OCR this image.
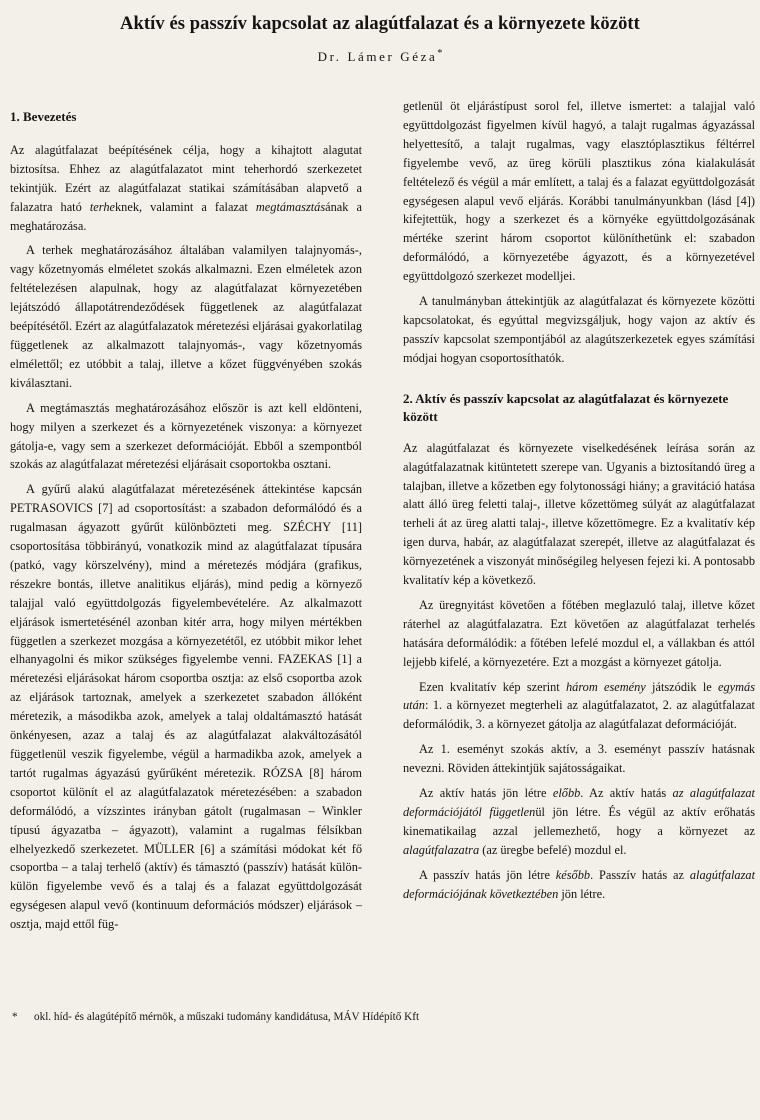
Aktív és passzív kapcsolat az alagútfalazat és a környezete között
Dr. Lámer Géza*
1. Bevezetés

Az alagútfalazat beépítésének célja, hogy a kihajtott alagutat biztosítsa. Ehhez az alagútfalazatot mint teherhordó szerkezetet tekintjük. Ezért az alagútfalazat statikai számításában alapvető a falazatra ható terheknek, valamint a falazat megtámasztásának a meghatározása.

A terhek meghatározásához általában valamilyen talajnyomás-, vagy kőzetnyomás elméletet szokás alkalmazni. Ezen elméletek azon feltételezésen alapulnak, hogy az alagútfalazat környezetében lejátszódó állapotátrendeződések függetlenek az alagútfalazat beépítésétől. Ezért az alagútfalazatok méretezési eljárásai gyakorlatilag függetlenek az alkalmazott talajnyomás-, vagy kőzetnyomás elmélettől; ez utóbbit a talaj, illetve a kőzet függvényében szokás kiválasztani.

A megtámasztás meghatározásához először is azt kell eldönteni, hogy milyen a szerkezet és a környezetének viszonya: a környezet gátolja-e, vagy sem a szerkezet deformációját. Ebből a szempontból szokás az alagútfalazat méretezési eljárásait csoportokba osztani.

A gyűrű alakú alagútfalazat méretezésének áttekintése kapcsán PETRASOVICS [7] ad csoportosítást: a szabadon deformálódó és a rugalmasan ágyazott gyűrűt különbözteti meg. SZÉCHY [11] csoportosítása többirányú, vonatkozik mind az alagútfalazat típusára (patkó, vagy körszelvény), mind a méretezés módjára (grafikus, részekre bontás, illetve analitikus eljárás), mind pedig a környező talajjal való együttdolgozás figyelembevételére. Az alkalmazott eljárások ismertetésénél azonban kitér arra, hogy milyen mértékben független a szerkezet mozgása a környezetétől, ez utóbbit mikor lehet elhanyagolni és mikor szükséges figyelembe venni. FAZEKAS [1] a méretezési eljárásokat három csoportba osztja: az első csoportba azok az eljárások tartoznak, amelyek a szerkezetet szabadon állóként méretezik, a másodikba azok, amelyek a talaj oldaltámasztó hatását önkényesen, azaz a talaj és az alagútfalazat alakváltozásától függetlenül veszik figyelembe, végül a harmadikba azok, amelyek a tartót rugalmas ágyazású gyűrűként méretezik. RÓZSA [8] három csoportot különít el az alagútfalazatok méretezésében: a szabadon deformálódó, a vízszintes irányban gátolt (rugalmasan – Winkler típusú ágyazatba – ágyazott), valamint a rugalmas félsíkban elhelyezkedő szerkezetet. MÜLLER [6] a számítási módokat két fő csoportba – a talaj terhelő (aktív) és támasztó (passzív) hatását külön-külön figyelembe vevő és a talaj és a falazat együttdolgozását egységesen alapul vevő (kontinuum deformációs módszer) eljárások – osztja, majd ettől füg-

getlenül öt eljárástípust sorol fel, illetve ismertet: a talajjal való együttdolgozást figyelmen kívül hagyó, a talajt rugalmas ágyazással helyettesítő, a talajt rugalmas, vagy elasztóplasztikus féltérrel figyelembe vevő, az üreg körüli plasztikus zóna kialakulását feltételező és végül a már említett, a talaj és a falazat együttdolgozását egységesen alapul vevő eljárás. Korábbi tanulmányunkban (lásd [4]) kifejtettük, hogy a szerkezet és a környéke együttdolgozásának mértéke szerint három csoportot különíthetünk el: szabadon deformálódó, a környezetébe ágyazott, és a környezetével együttdolgozó szerkezet modelljei.

A tanulmányban áttekintjük az alagútfalazat és környezete közötti kapcsolatokat, és egyúttal megvizsgáljuk, hogy vajon az aktív és passzív kapcsolat szempontjából az alagútszerkezetek egyes számítási módjai hogyan csoportosíthatók.

2. Aktív és passzív kapcsolat az alagútfalazat és környezete között

Az alagútfalazat és környezete viselkedésének leírása során az alagútfalazatnak kitüntetett szerepe van. Ugyanis a biztosítandó üreg a talajban, illetve a kőzetben egy folytonossági hiány; a gravitáció hatása alatt álló üreg feletti talaj-, illetve kőzettömeg súlyát az alagútfalazat terheli át az üreg alatti talaj-, illetve kőzettömegre. Ez a kvalitatív kép igen durva, habár, az alagútfalazat szerepét, illetve az alagútfalazat és környezetének a viszonyát minőségileg helyesen fejezi ki. A pontosabb kvalitatív kép a következő.

Az üregnyitást követően a főtében meglazuló talaj, illetve kőzet ráterhel az alagútfalazatra. Ezt követően az alagútfalazat terhelés hatására deformálódik: a főtében lefelé mozdul el, a vállakban és attól lejjebb kifelé, a környezetére. Ezt a mozgást a környezet gátolja.

Ezen kvalitatív kép szerint három esemény játszódik le egymás után: 1. a környezet megterheli az alagútfalazatot, 2. az alagútfalazat deformálódik, 3. a környezet gátolja az alagútfalazat deformációját.

Az 1. eseményt szokás aktív, a 3. eseményt passzív hatásnak nevezni. Röviden áttekintjük sajátosságaikat.

Az aktív hatás jön létre előbb. Az aktív hatás az alagútfalazat deformációjától függetlenül jön létre. És végül az aktív erőhatás kinematikailag azzal jellemezhető, hogy a környezet az alagútfalazatra (az üregbe befelé) mozdul el.

A passzív hatás jön létre később. Passzív hatás az alagútfalazat deformációjának következtében jön létre.

* okl. híd- és alagútépítő mérnök, a műszaki tudomány kandidátusa, MÁV Hídépítő Kft
